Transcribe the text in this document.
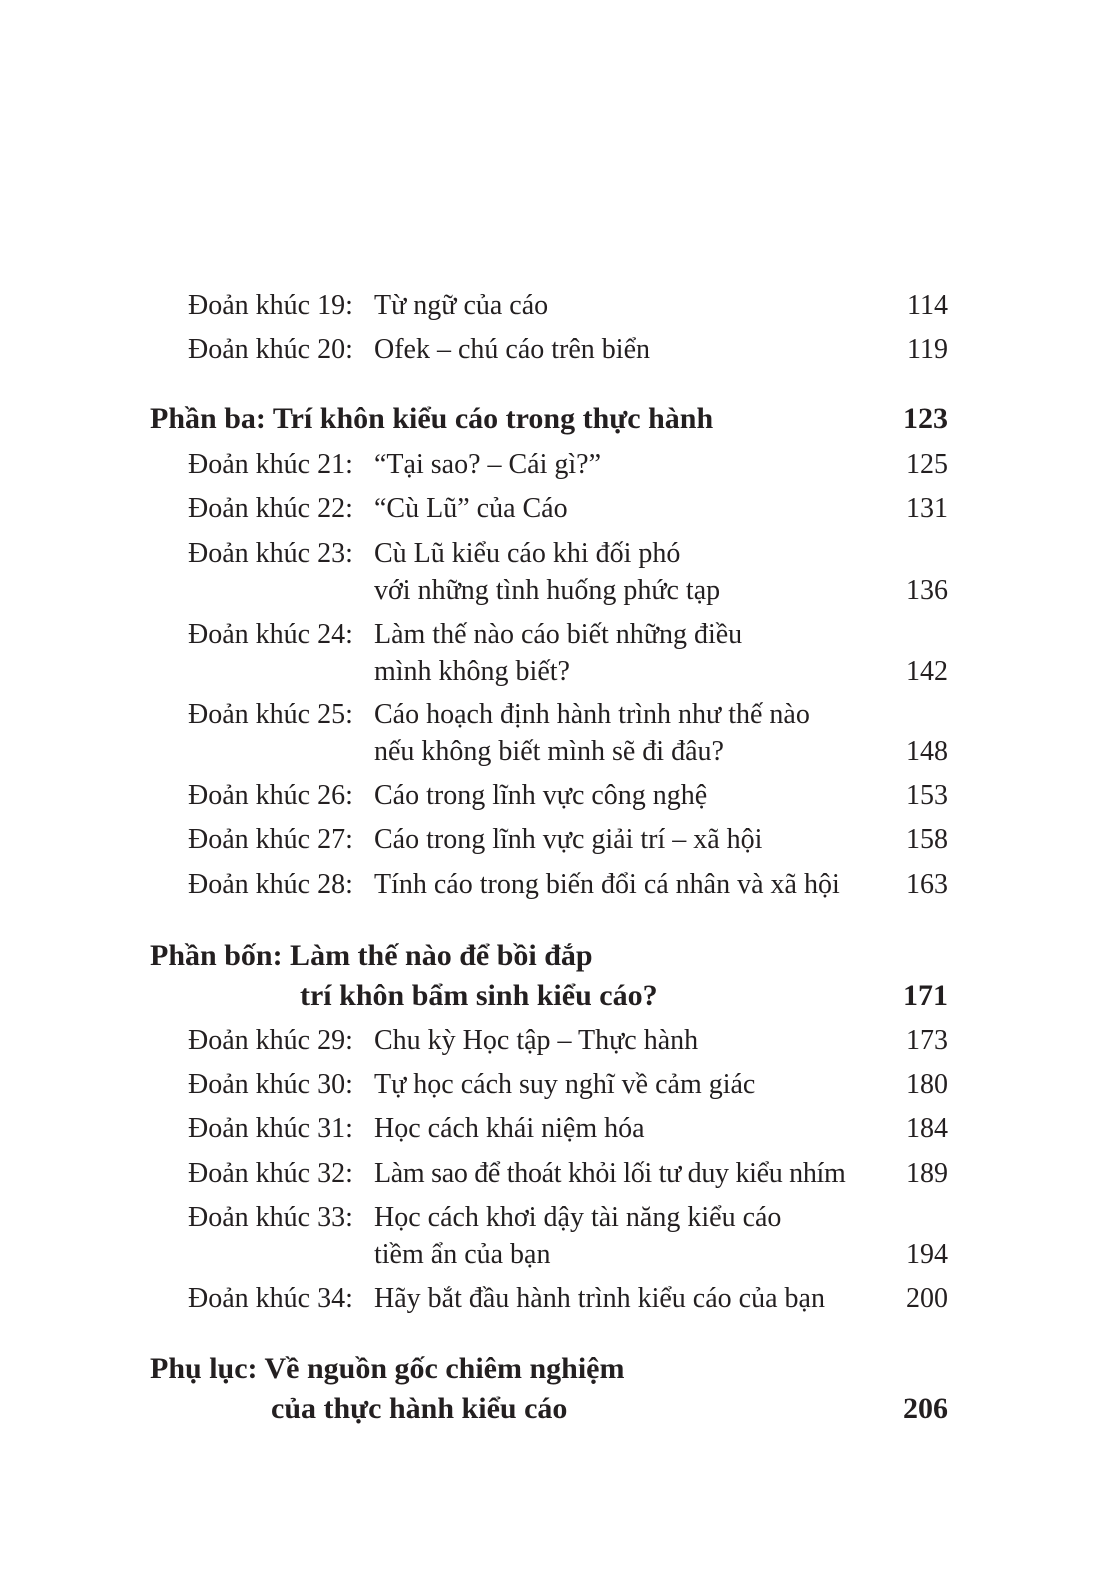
Đoản khúc 19: Từ ngữ của cáo	114
Đoản khúc 20: Ofek – chú cáo trên biển	119
Phần ba: Trí khôn kiểu cáo trong thực hành	123
Đoản khúc 21: “Tại sao? – Cái gì?”	125
Đoản khúc 22: “Cù Lũ” của Cáo	131
Đoản khúc 23: Cù Lũ kiểu cáo khi đối phó
với những tình huống phức tạp	136
Đoản khúc 24: Làm thế nào cáo biết những điều
mình không biết?	142
Đoản khúc 25: Cáo hoạch định hành trình như thế nào
nếu không biết mình sẽ đi đâu?	148
Đoản khúc 26: Cáo trong lĩnh vực công nghệ	153
Đoản khúc 27: Cáo trong lĩnh vực giải trí – xã hội	158
Đoản khúc 28: Tính cáo trong biến đổi cá nhân và xã hội 163
Phần bốn: Làm thế nào để bồi đắp
trí khôn bẩm sinh kiểu cáo?	171
Đoản khúc 29: Chu kỳ Học tập – Thực hành	173
Đoản khúc 30: Tự học cách suy nghĩ về cảm giác	180
Đoản khúc 31: Học cách khái niệm hóa	184
Đoản khúc 32: Làm sao để thoát khỏi lối tư duy kiểu nhím 189
Đoản khúc 33: Học cách khơi dậy tài năng kiểu cáo
tiềm ẩn của bạn	194
Đoản khúc 34: Hãy bắt đầu hành trình kiểu cáo của bạn	200
Phụ lục: Về nguồn gốc chiêm nghiệm
của thực hành kiểu cáo	206
